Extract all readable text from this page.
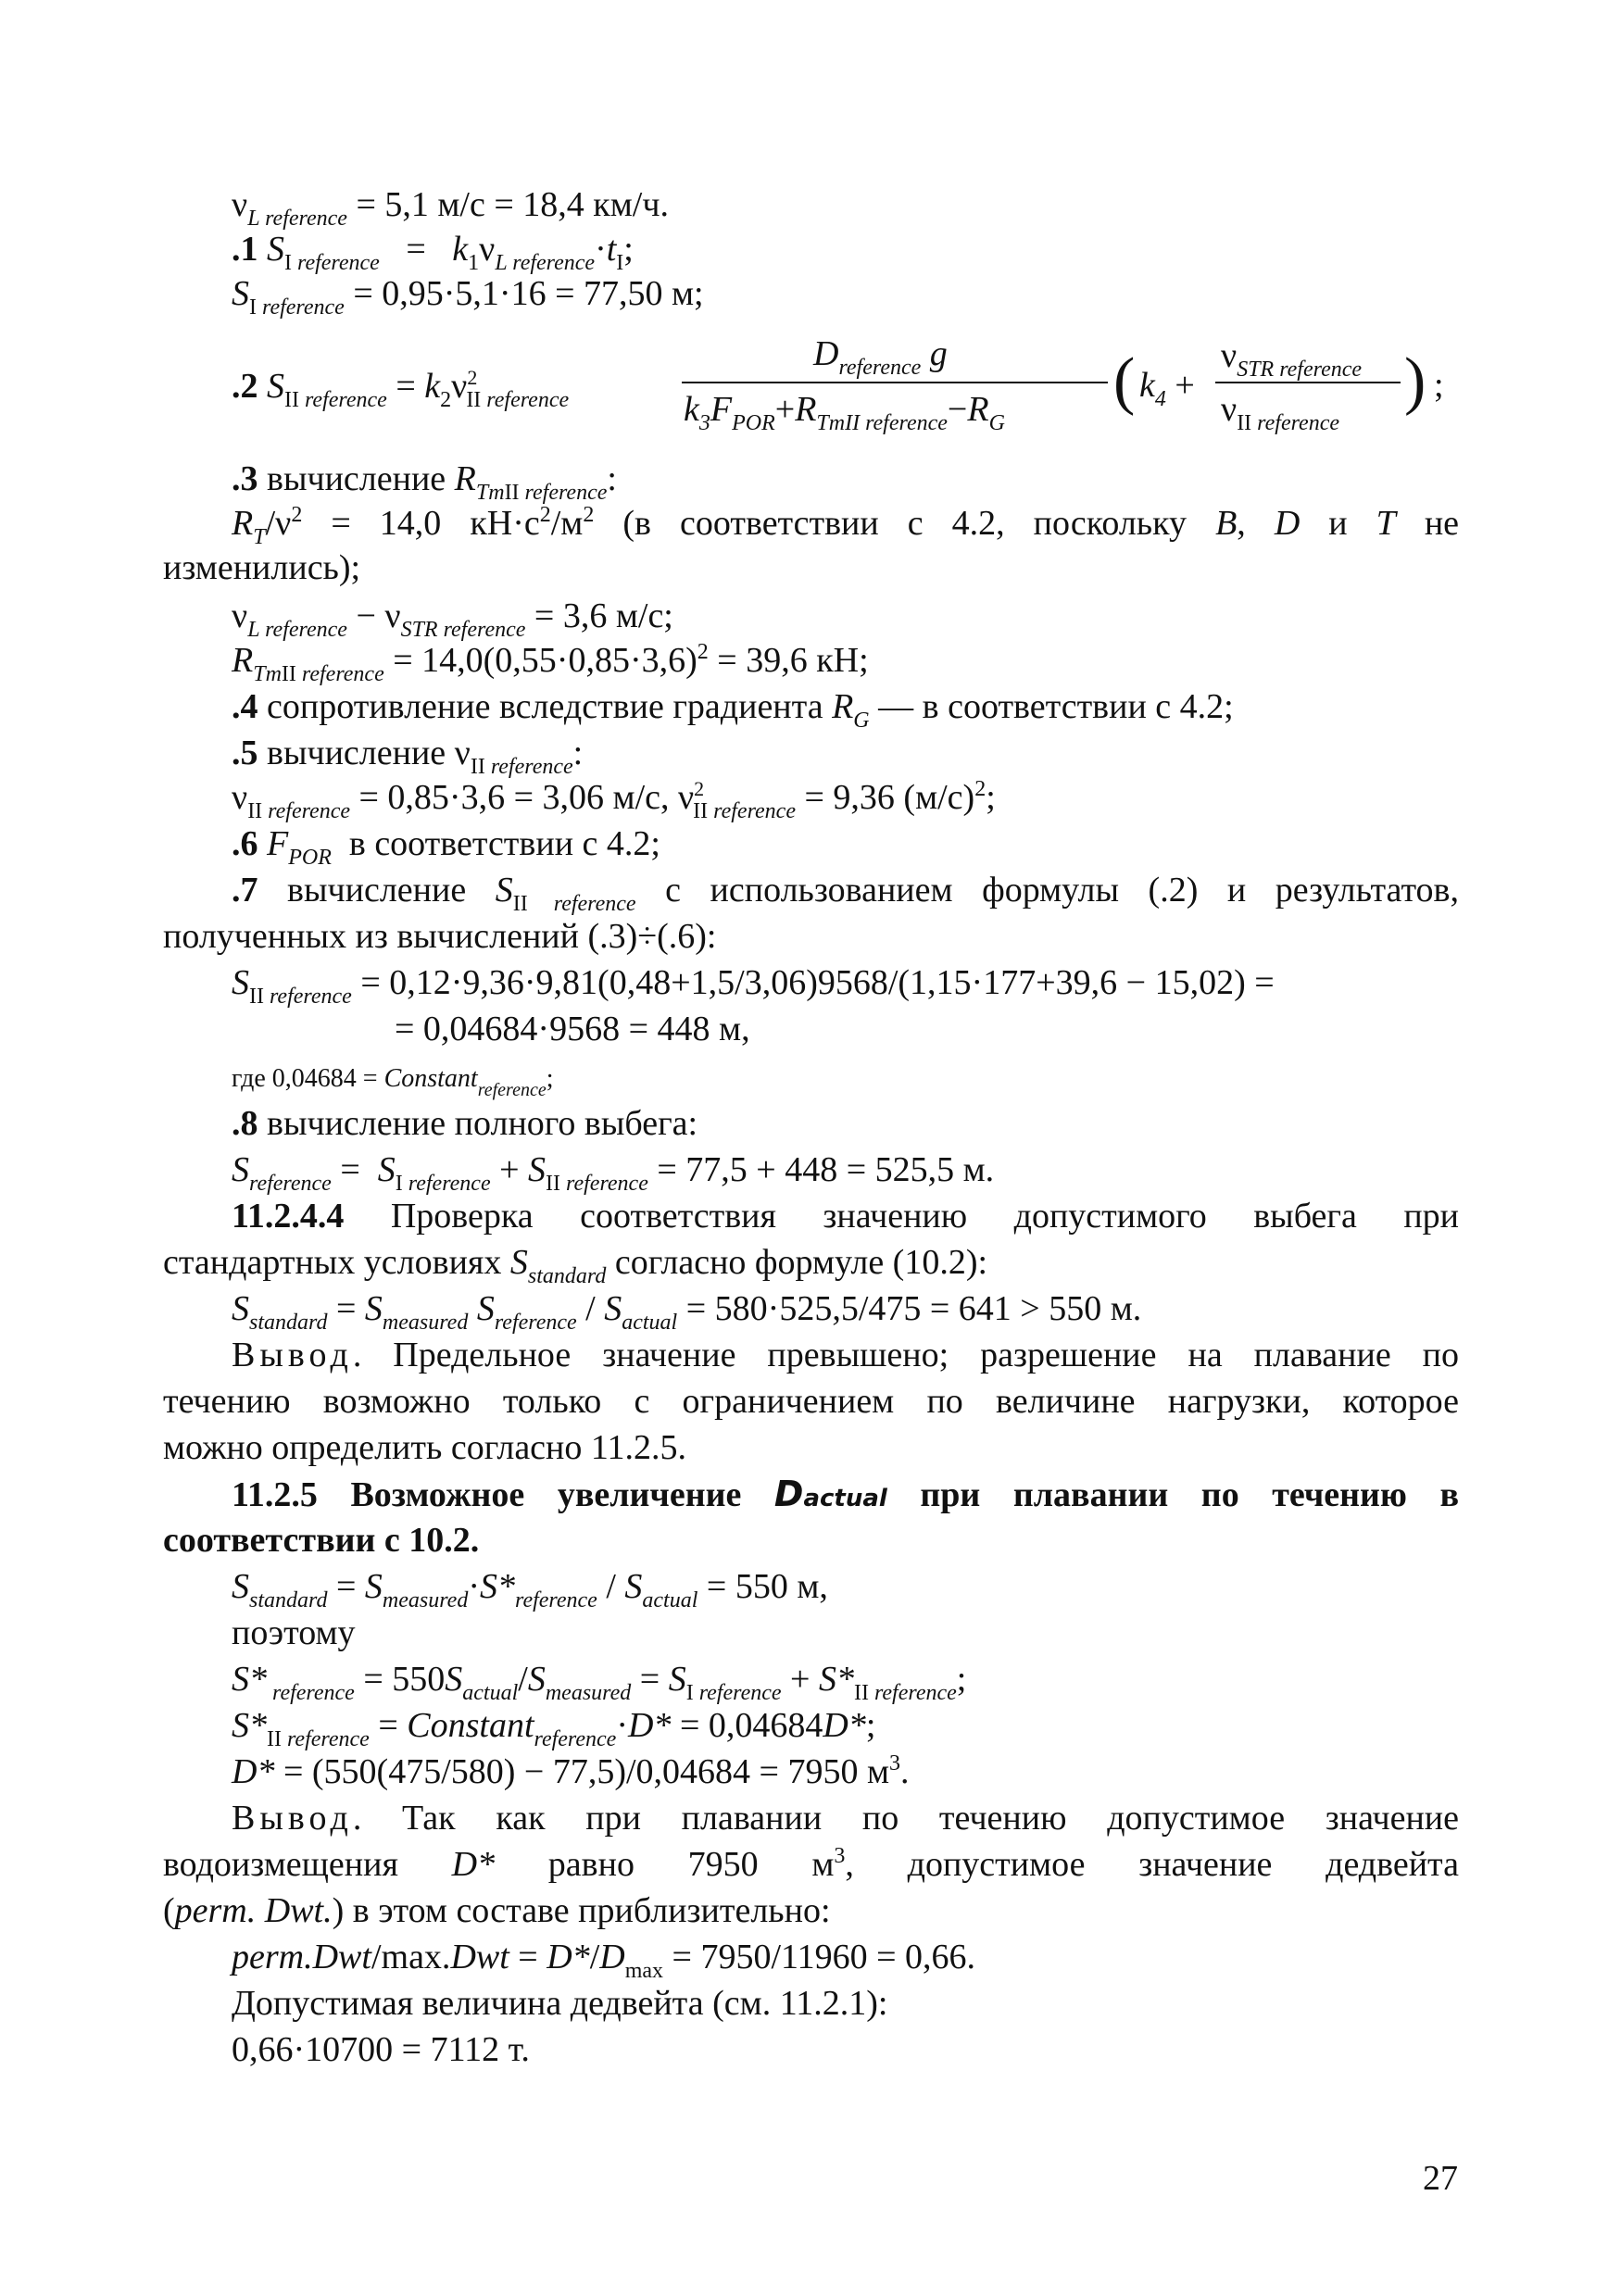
$\nu_{L reference} = 5,1$ м/с = 18,4 км/ч.
.1 $S_I$ $_{reference} = k_1\nu_{L reference}\cdot t_I$;
$S_I$ $_{reference}$ = 0,95·5,1·16 = 77,50 м;
.2 $S_{II}$ $_{reference} = k_2\nu^2_{II}$ $_{reference}$
$D_{reference}$ g
$k_3F_{POR}+R_{TmII reference}-R_G$
( $k_4$ +
$\nu_{STR reference}$
$\nu_{II}$ $_{reference}$
) ;
.3 вычисление $R_{TmII}$ $_{reference}$:
$R_T/\nu^2 = 14,0$ $кН\cdot с^2/м^2$ (в соответствии с 4.2, поскольку B, D и T не
изменились);
$\nu_{L reference} - \nu_{STR reference} = 3,6$ м/с;
$R_{TmII}$ $_{reference} = 14,0(0,55\cdot 0,85\cdot 3,6)^2 = 39,6$ кН;
.4 сопротивление вследствие градиента $R_G$ — в соответствии с 4.2;
.5 вычисление $\nu_{II}$ $_{reference}$:
$\nu_{II}$ $_{reference}$ = 0,85·3,6 = 3,06 м/с, $\nu^2_{II}$ $_{reference}$ = 9,36 $(м/с)^2$;
.6 $F_{POR}$  в соответствии с 4.2;
.7 вычисление $S_{II}$ $_{reference}$ с использованием формулы (.2) и результатов,
полученных из вычислений (.3)÷(.6):
$S_{II}$ $_{reference}$ = 0,12·9,36·9,81(0,48+1,5/3,06)9568/(1,15·177+39,6 − 15,02) =
= 0,04684·9568 = 448 м,
где 0,04684 = Constant$_{reference}$;
.8 вычисление полного выбега:
$S_{reference} = S_I$ $_{reference} + S_{II}$ $_{reference}$ = 77,5 + 448 = 525,5 м.
11.2.4.4 Проверка соответствия значению допустимого выбега при
стандартных условиях $S_{standard}$ согласно формуле (10.2):
$S_{standard} = S_{measured}$ $S_{reference} / S_{actual} = 580\cdot 525,5/475 = 641 > 550$ м.
Вывод. Предельное значение превышено; разрешение на плавание по
течению возможно только с ограничением по величине нагрузки, которое
можно определить согласно 11.2.5.
11.2.5 Возможное увеличение Dactual при плавании по течению в
соответствии с 10.2.
$S_{standard} = S_{measured}\cdot S*_{reference} / S_{actual} = 550$ м,
поэтому
S* $_{reference} = 550S_{actual}/S_{measured} = S_I$ $_{reference} + S*_{II}$ $_{reference}$;
$S*_{II}$ $_{reference}$ = Constant$_{reference}$·D* = 0,04684D*;
D* = (550(475/580) − 77,5)/0,04684 = 7950 $м^3$.
Вывод. Так как при плавании по течению допустимое значение
водоизмещения D* равно 7950 $м^3$, допустимое значение дедвейта
(perm. Dwt.) в этом составе приблизительно:
perm.Dwt/max.Dwt = $D*/D_{max} = 7950/11960 = 0,66$.
Допустимая величина дедвейта (см. 11.2.1):
0,66·10700 = 7112 т.
27
